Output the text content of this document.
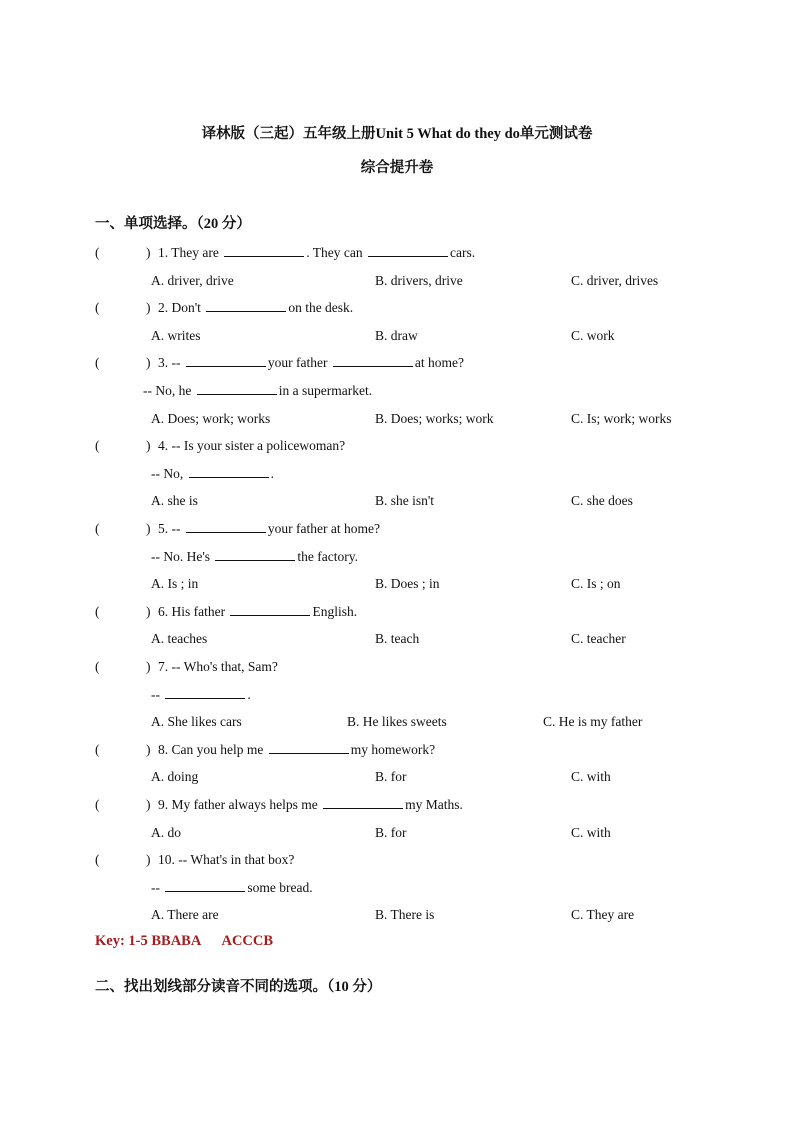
译林版（三起）五年级上册Unit 5 What do they do单元测试卷
综合提升卷
一、单项选择。（20 分）
(	) 1. They are	. They can	cars.
A. driver, drive	B. drivers, drive	C. driver, drives
(	) 2. Don't	on the desk.
A. writes	B. draw	C. work
(	) 3. --	your father	at home?
-- No, he	in a supermarket.
A. Does; work; works	B. Does; works; work	C. Is; work; works
(	) 4. -- Is your sister a policewoman?
-- No,	.
A. she is	B. she isn't	C. she does
(	) 5. --	your father at home?
-- No. He's	the factory.
A. Is ; in	B. Does ; in	C. Is ; on
(	) 6. His father	English.
A. teaches	B. teach	C. teacher
(	) 7. -- Who's that, Sam?
--	.
A. She likes cars	B. He likes sweets	C. He is my father
(	) 8. Can you help me	my homework?
A. doing	B. for	C. with
(	) 9. My father always helps me	my Maths.
A. do	B. for	C. with
(	) 10. -- What's in that box?
--	some bread.
A. There are	B. There is	C. They are
Key: 1-5 BBABA      ACCCB
二、找出划线部分读音不同的选项。（10 分）
